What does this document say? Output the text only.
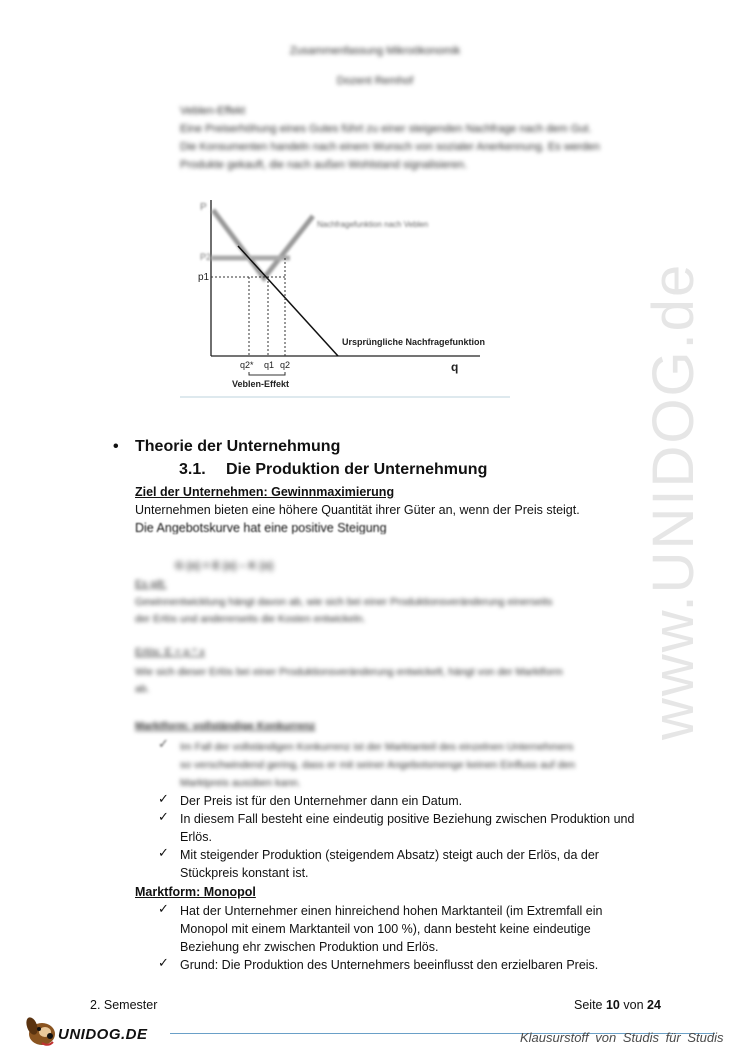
www.UNIDOG.de
Zusammenfassung Mikroökonomik
Dozent Remhof
Veblen-Effekt
Eine Preiserhöhung eines Gutes führt zu einer steigenden Nachfrage nach dem Gut.
Die Konsumenten handeln nach einem Wunsch von sozialer Anerkennung. Es werden
Produkte gekauft, die nach außen Wohlstand signalisieren.
P
P2
p1
Nachfragefunktion nach Veblen
Ursprüngliche Nachfragefunktion
q
q2* q1 q2
Veblen-Effekt
• Theorie der Unternehmung
3.1. Die Produktion der Unternehmung
Ziel der Unternehmen: Gewinnmaximierung
Unternehmen bieten eine höhere Quantität ihrer Güter an, wenn der Preis steigt.
Die Angebotskurve hat eine positive Steigung
G (x) = E (x) – K (x)
Es gilt:
Gewinnentwicklung hängt davon ab, wie sich bei einer Produktionsveränderung einerseits
der Erlös und andererseits die Kosten entwickeln.
Erlös: E = p * x
Wie sich dieser Erlös bei einer Produktionsveränderung entwickelt, hängt von der Marktform
ab.
Marktform: vollständige Konkurrenz
✓ Im Fall der vollständigen Konkurrenz ist der Marktanteil des einzelnen Unternehmers
so verschwindend gering, dass er mit seiner Angebotsmenge keinen Einfluss auf den
Marktpreis ausüben kann.
✓ Der Preis ist für den Unternehmer dann ein Datum.
✓ In diesem Fall besteht eine eindeutig positive Beziehung zwischen Produktion und
Erlös.
✓ Mit steigender Produktion (steigendem Absatz) steigt auch der Erlös, da der
Stückpreis konstant ist.
Marktform: Monopol
✓ Hat der Unternehmer einen hinreichend hohen Marktanteil (im Extremfall ein
Monopol mit einem Marktanteil von 100 %), dann besteht keine eindeutige
Beziehung ehr zwischen Produktion und Erlös.
✓ Grund: Die Produktion des Unternehmers beeinflusst den erzielbaren Preis.
2. Semester	Seite 10 von 24
UNIDOG.DE	Klausurstoff von Studis für Studis
